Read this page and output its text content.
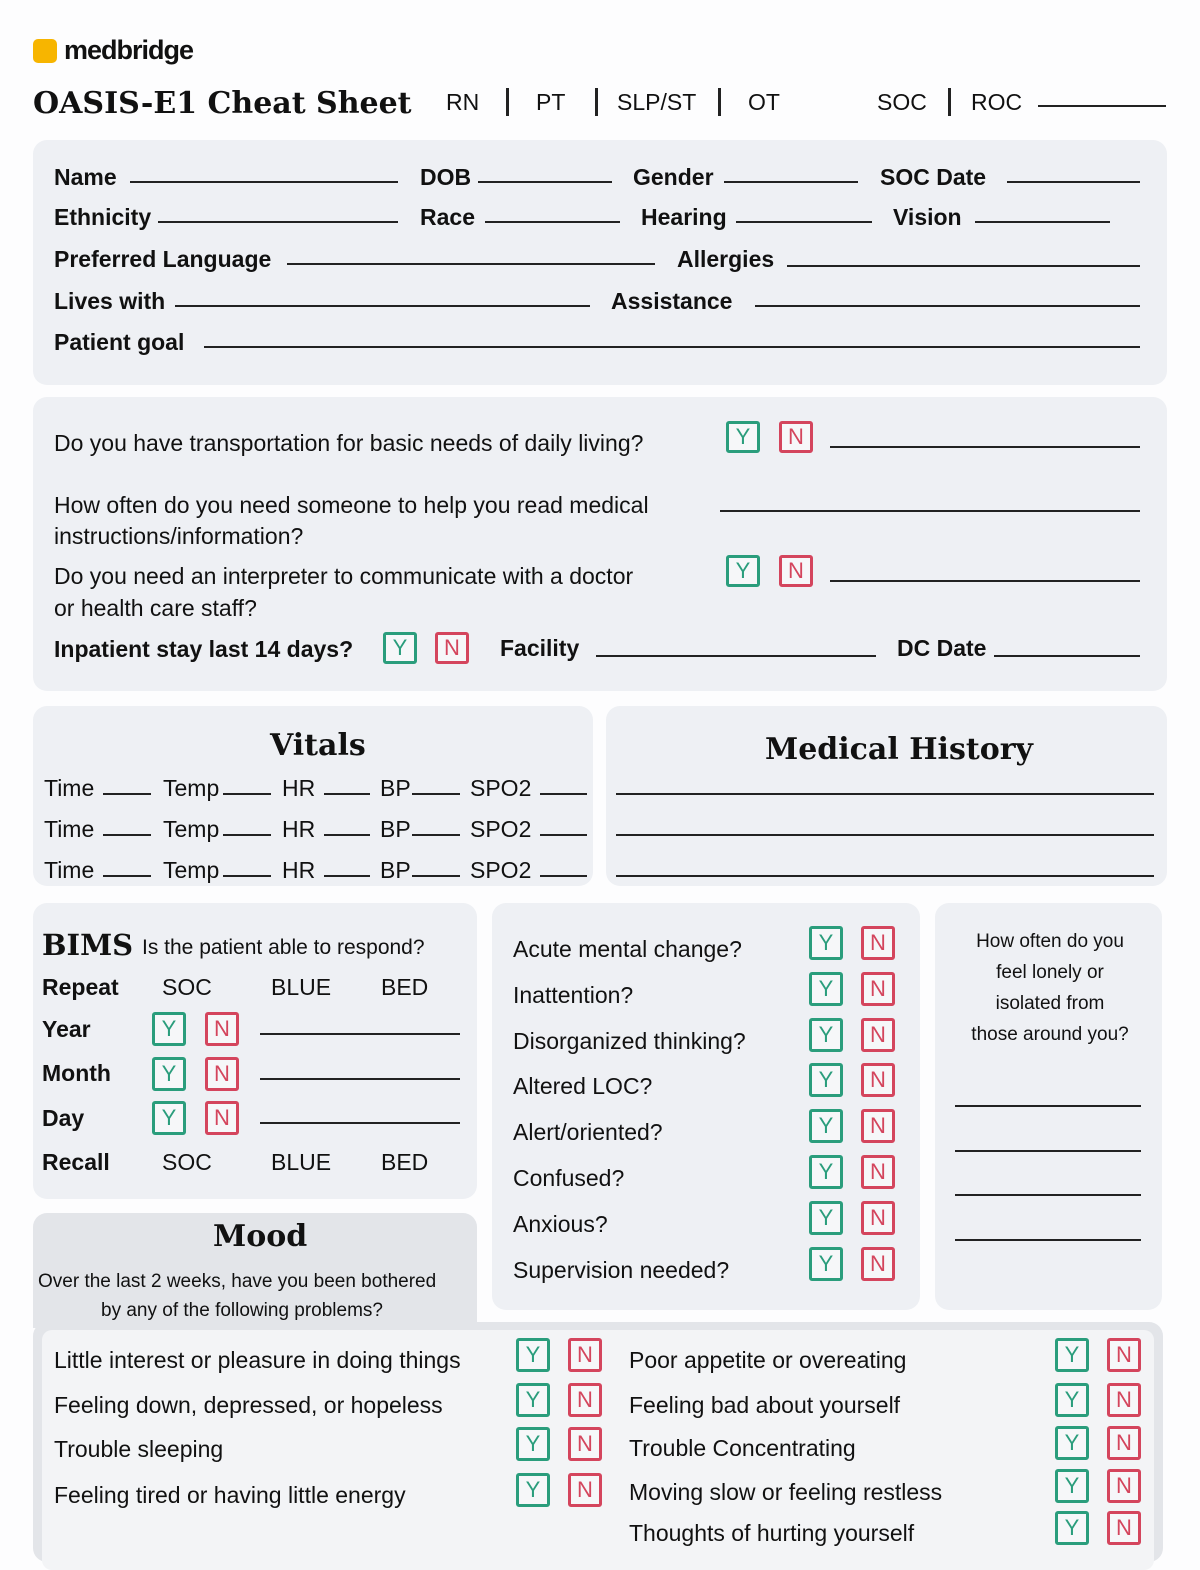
medbridge
OASIS-E1 Cheat Sheet RN PT SLP/ST OT	SOC ROC
Name	DOB	Gender	SOC Date
Ethnicity	Race	Hearing	Vision
Preferred Language	Allergies
Lives with	Assistance
Patient goal
Do you have transportation for basic needs of daily living?	Y	N
How often do you need someone to help you read medical
instructions/information?
Do you need an interpreter to communicate with a doctor
or health care staff?
Y	N
Inpatient stay last 14 days?	Y	N	Facility	DC Date
Vitals
Time	Temp	HR	BP	SPO2
Time	Temp	HR	BP	SPO2
Time	Temp	HR	BP	SPO2
Medical History
BIMS Is the patient able to respond?
Repeat SOC	BLUE BED
Year	Y	N
Month	Y	N
Day	Y	N
Recall SOC	BLUE BED
Acute mental change?	Y	N
Inattention?	Y	N
Disorganized thinking?	Y	N
Altered LOC?	Y	N
Alert/oriented?	Y	N
Confused?	Y	N
Anxious?	Y	N
Supervision needed?	Y	N
How often do you
feel lonely or
isolated from
those around you?
Mood
Over the last 2 weeks, have you been bothered
by any of the following problems?
Little interest or pleasure in doing things	Y	N
Feeling down, depressed, or hopeless	Y	N
Trouble sleeping	Y	N
Feeling tired or having little energy	Y	N
Poor appetite or overeating	Y	N
Feeling bad about yourself	Y	N
Trouble Concentrating	Y	N
Moving slow or feeling restless	Y	N
Thoughts of hurting yourself	Y	N
